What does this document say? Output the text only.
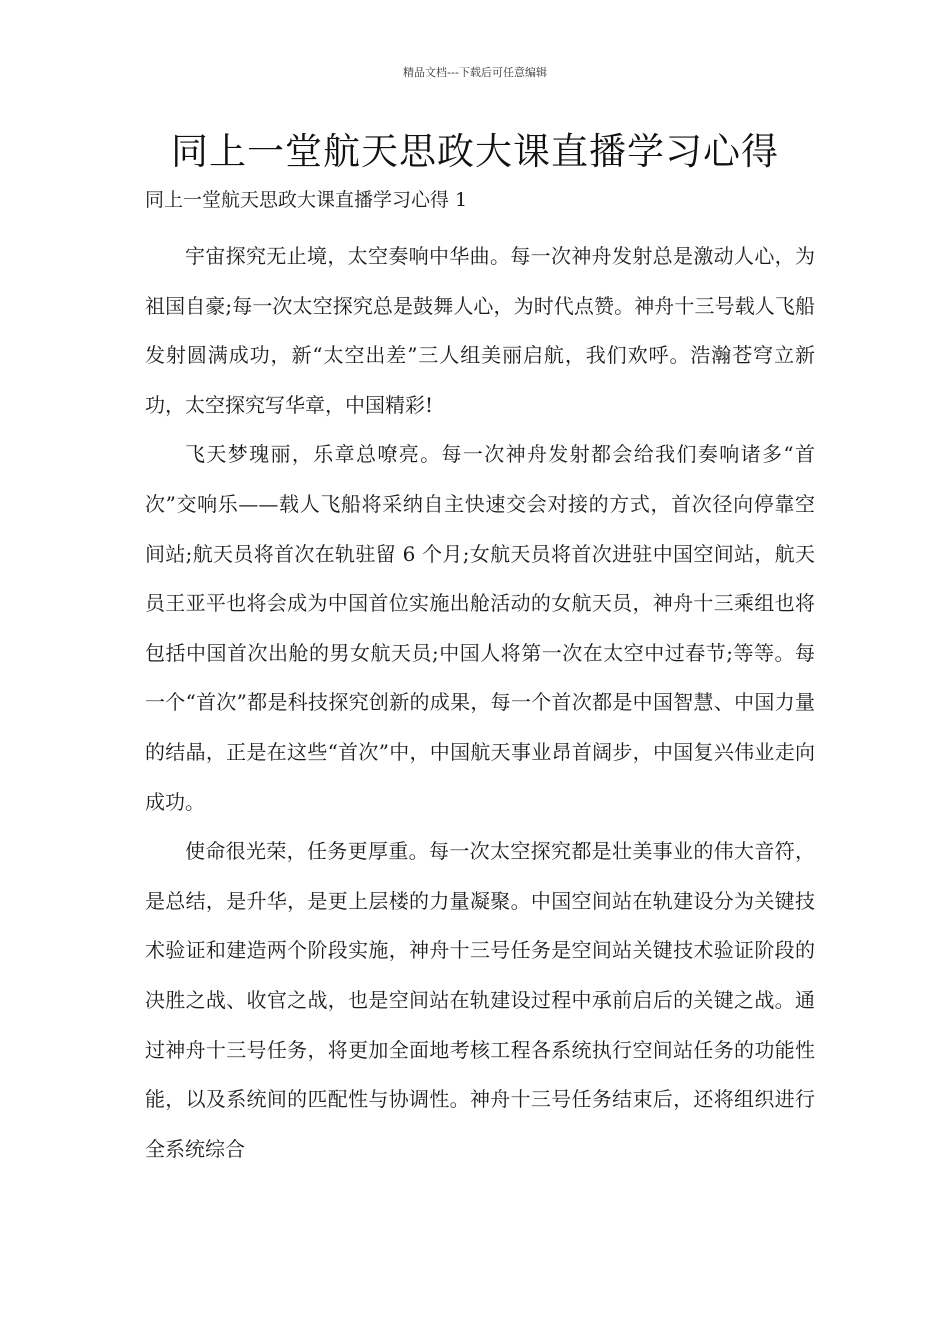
精品文档---下载后可任意编辑
同上一堂航天思政大课直播学习心得
同上一堂航天思政大课直播学习心得 1

宇宙探究无止境，太空奏响中华曲。每一次神舟发射总是激动人心，为祖国自豪;每一次太空探究总是鼓舞人心，为时代点赞。神舟十三号载人飞船发射圆满成功，新“太空出差”三人组美丽启航，我们欢呼。浩瀚苍穹立新功，太空探究写华章，中国精彩!

飞天梦瑰丽，乐章总嘹亮。每一次神舟发射都会给我们奏响诸多“首次”交响乐——载人飞船将采纳自主快速交会对接的方式，首次径向停靠空间站;航天员将首次在轨驻留 6 个月;女航天员将首次进驻中国空间站，航天员王亚平也将会成为中国首位实施出舱活动的女航天员，神舟十三乘组也将包括中国首次出舱的男女航天员;中国人将第一次在太空中过春节;等等。每一个“首次”都是科技探究创新的成果，每一个首次都是中国智慧、中国力量的结晶，正是在这些“首次”中，中国航天事业昂首阔步，中国复兴伟业走向成功。

使命很光荣，任务更厚重。每一次太空探究都是壮美事业的伟大音符，是总结，是升华，是更上层楼的力量凝聚。中国空间站在轨建设分为关键技术验证和建造两个阶段实施，神舟十三号任务是空间站关键技术验证阶段的决胜之战、收官之战，也是空间站在轨建设过程中承前启后的关键之战。通过神舟十三号任务，将更加全面地考核工程各系统执行空间站任务的功能性能，以及系统间的匹配性与协调性。神舟十三号任务结束后，还将组织进行全系统综合
